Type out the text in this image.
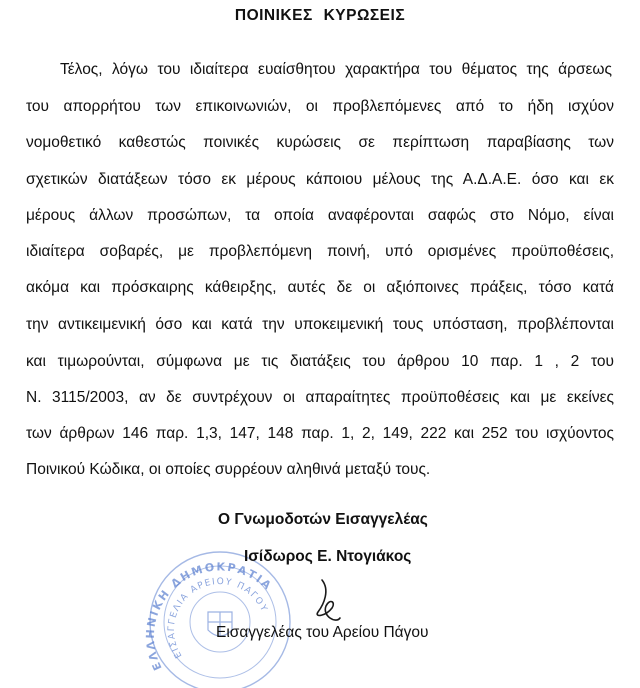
ΠΟΙΝΙΚΕΣ ΚΥΡΩΣΕΙΣ
Τέλος, λόγω του ιδιαίτερα ευαίσθητου χαρακτήρα του θέματος της άρσεως
του απορρήτου των επικοινωνιών, οι προβλεπόμενες από το ήδη ισχύον
νομοθετικό καθεστώς ποινικές κυρώσεις σε περίπτωση παραβίασης των
σχετικών διατάξεων τόσο εκ μέρους κάποιου μέλους της Α.Δ.Α.Ε. όσο και εκ
μέρους άλλων προσώπων, τα οποία αναφέρονται σαφώς στο Νόμο, είναι
ιδιαίτερα σοβαρές, με προβλεπόμενη ποινή, υπό ορισμένες προϋποθέσεις,
ακόμα και πρόσκαιρης κάθειρξης, αυτές δε οι αξιόποινες πράξεις, τόσο κατά
την αντικειμενική όσο και κατά την υποκειμενική τους υπόσταση, προβλέπονται
και τιμωρούνται, σύμφωνα με τις διατάξεις του άρθρου 10 παρ. 1 , 2 του
Ν. 3115/2003, αν δε συντρέχουν οι απαραίτητες προϋποθέσεις και με εκείνες
των άρθρων 146 παρ. 1,3, 147, 148 παρ. 1, 2, 149, 222 και 252 του ισχύοντος
Ποινικού Κώδικα, οι οποίες συρρέουν αληθινά μεταξύ τους.
ΕΛΛΗΝΙΚΗ ΔΗΜΟΚΡΑΤΙΑ
ΕΙΣΑΓΓΕΛΙΑ ΑΡΕΙΟΥ ΠΑΓΟΥ
Ο Γνωμοδοτών Εισαγγελέας
Ισίδωρος Ε. Ντογιάκος
Εισαγγελέας του Αρείου Πάγου
